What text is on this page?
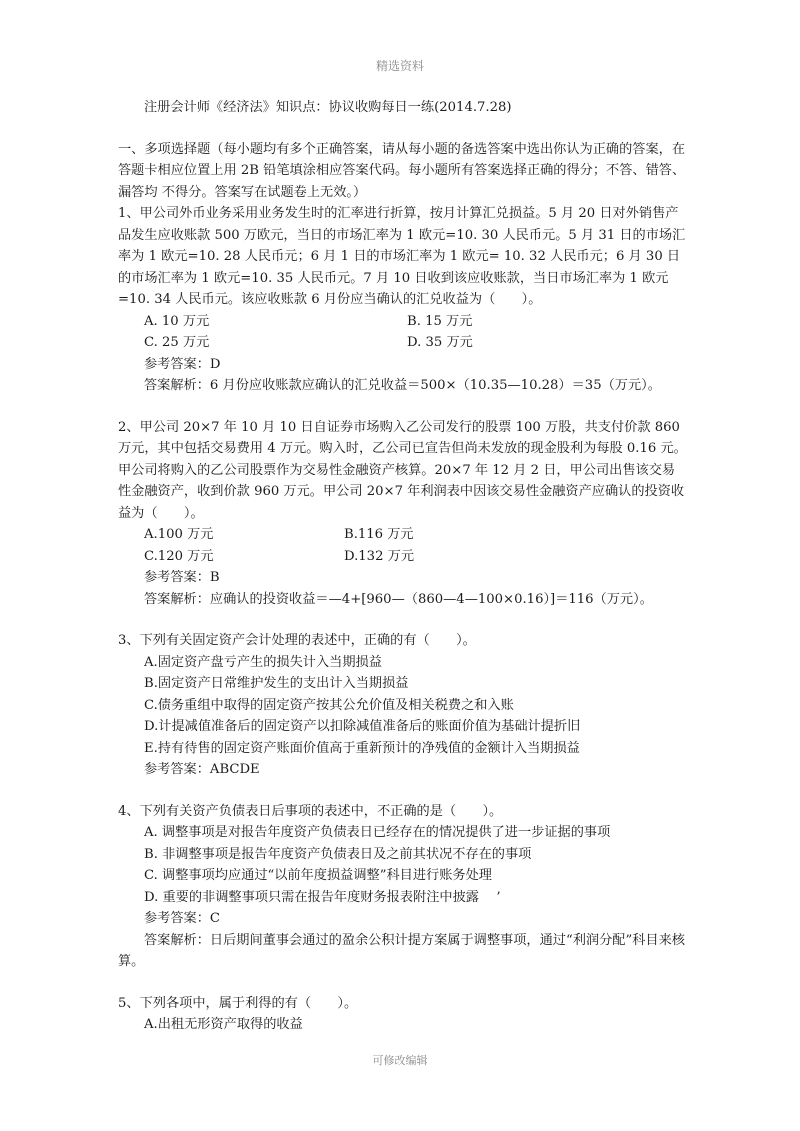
精选资料
注册会计师《经济法》知识点：协议收购每日一练(2014.7.28)

一、多项选择题（每小题均有多个正确答案，请从每小题的备选答案中选出你认为正确的答案，在答题卡相应位置上用 2B 铅笔填涂相应答案代码。每小题所有答案选择正确的得分；不答、错答、漏答均 不得分。答案写在试题卷上无效。）

1、甲公司外币业务采用业务发生时的汇率进行折算，按月计算汇兑损益。5 月 20 日对外销售产品发生应收账款 500 万欧元，当日的市场汇率为 1 欧元=10. 30 人民币元。5 月 31 日的市场汇率为 1 欧元=10. 28 人民币元；6 月 1 日的市场汇率为 1 欧元= 10. 32 人民币元；6 月 30 日的市场汇率为 1 欧元=10. 35 人民币元。7 月 10 日收到该应收账款，当日市场汇率为 1 欧元=10. 34 人民币元。该应收账款 6 月份应当确认的汇兑收益为（　　）。

A. 10 万元	B. 15 万元
C. 25 万元	D. 35 万元
参考答案：D
答案解析：6 月份应收账款应确认的汇兑收益＝500×（10.35—10.28）＝35（万元）。

2、甲公司 20×7 年 10 月 10 日自证券市场购入乙公司发行的股票 100 万股，共支付价款 860 万元，其中包括交易费用 4 万元。购入时，乙公司已宣告但尚未发放的现金股利为每股 0.16 元。甲公司将购入的乙公司股票作为交易性金融资产核算。20×7 年 12 月 2 日，甲公司出售该交易性金融资产，收到价款 960 万元。甲公司 20×7 年利润表中因该交易性金融资产应确认的投资收益为（　　）。

A.100 万元	B.116 万元
C.120 万元	D.132 万元
参考答案：B
答案解析：应确认的投资收益＝—4+[960—（860—4—100×0.16）]＝116（万元）。

3、下列有关固定资产会计处理的表述中，正确的有（　　）。

A.固定资产盘亏产生的损失计入当期损益
B.固定资产日常维护发生的支出计入当期损益
C.债务重组中取得的固定资产按其公允价值及相关税费之和入账
D.计提减值准备后的固定资产以扣除减值准备后的账面价值为基础计提折旧
E.持有待售的固定资产账面价值高于重新预计的净残值的金额计入当期损益
参考答案：ABCDE

4、下列有关资产负债表日后事项的表述中，不正确的是（　　）。

A. 调整事项是对报告年度资产负债表日已经存在的情况提供了进一步证据的事项
B. 非调整事项是报告年度资产负债表日及之前其状况不存在的事项
C. 调整事项均应通过“以前年度损益调整”科目进行账务处理
D. 重要的非调整事项只需在报告年度财务报表附注中披露　 ’
参考答案：C

答案解析：日后期间董事会通过的盈余公积计提方案属于调整事项，通过“利润分配”科目来核算。

5、下列各项中，属于利得的有（　　）。

A.出租无形资产取得的收益
可修改编辑
